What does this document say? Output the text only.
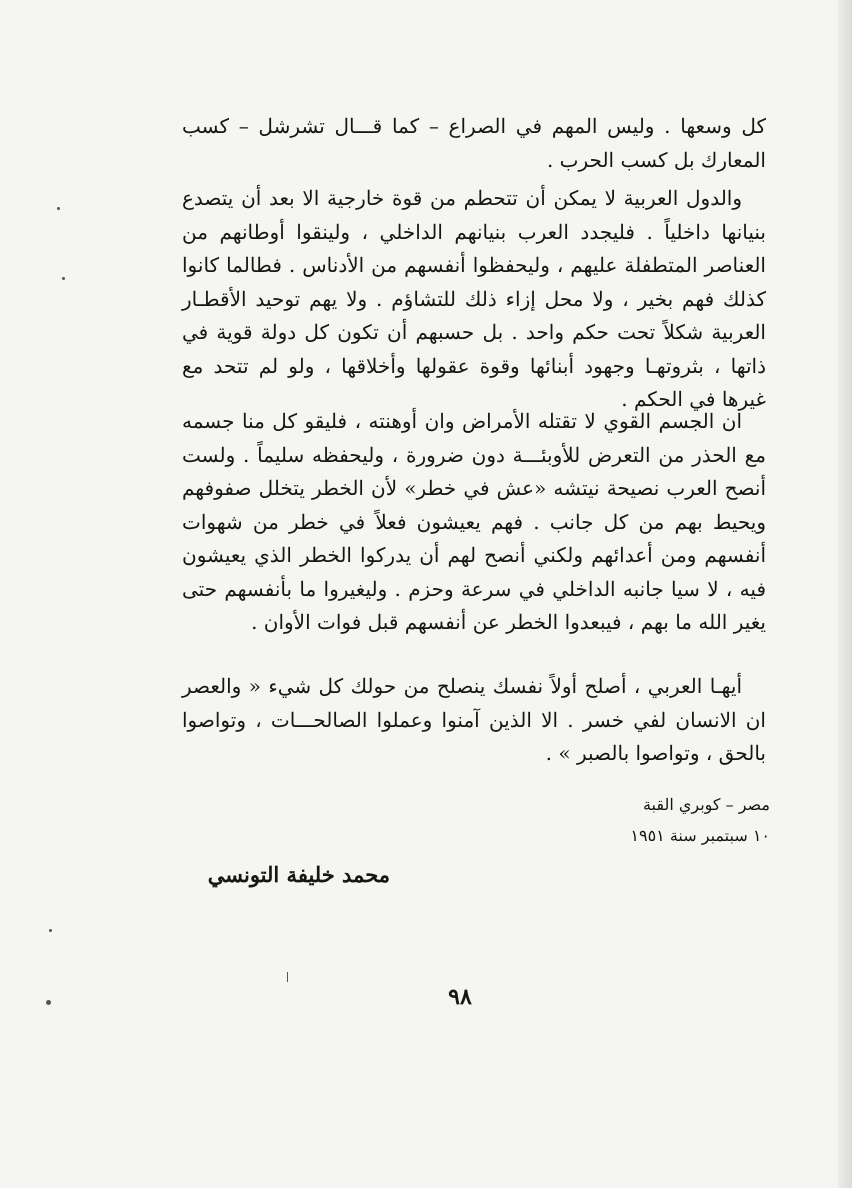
كل وسعها . وليس المهم في الصراع – كما قـــال تشرشل – كسب المعارك بل كسب الحرب .

والدول العربية لا يمكن أن تتحطم من قوة خارجية الا بعد أن يتصدع بنيانها داخلياً . فليجدد العرب بنيانهم الداخلي ، ولينقوا أوطانهم من العناصر المتطفلة عليهم ، وليحفظوا أنفسهم من الأدناس . فطالما كانوا كذلك فهم بخير ، ولا محل إزاء ذلك للتشاؤم . ولا يهم توحيد الأقطـار العربية شكلاً تحت حكم واحد . بل حسبهم أن تكون كل دولة قوية في ذاتها ، بثروتهـا وجهود أبنائها وقوة عقولها وأخلاقها ، ولو لم تتحد مع غيرها في الحكم .

ان الجسم القوي لا تقتله الأمراض وان أوهنته ، فليقو كل منا جسمه مع الحذر من التعرض للأوبئـــة دون ضرورة ، وليحفظه سليماً . ولست أنصح العرب نصيحة نيتشه «عش في خطر» لأن الخطر يتخلل صفوفهم ويحيط بهم من كل جانب . فهم يعيشون فعلاً في خطر من شهوات أنفسهم ومن أعدائهم ولكني أنصح لهم أن يدركوا الخطر الذي يعيشون فيه ، لا سيا جانبه الداخلي في سرعة وحزم . وليغيروا ما بأنفسهم حتى يغير الله ما بهم ، فيبعدوا الخطر عن أنفسهم قبل فوات الأوان .

أيهـا العربي ، أصلح أولاً نفسك ينصلح من حولك كل شيء « والعصر ان الانسان لفي خسر . الا الذين آمنوا وعملوا الصالحـــات ، وتواصوا بالحق ، وتواصوا بالصبر » .

مصر – كوبري القبة
١٠ سبتمبر سنة ١٩٥١
محمد خليفة التونسي
٩٨
